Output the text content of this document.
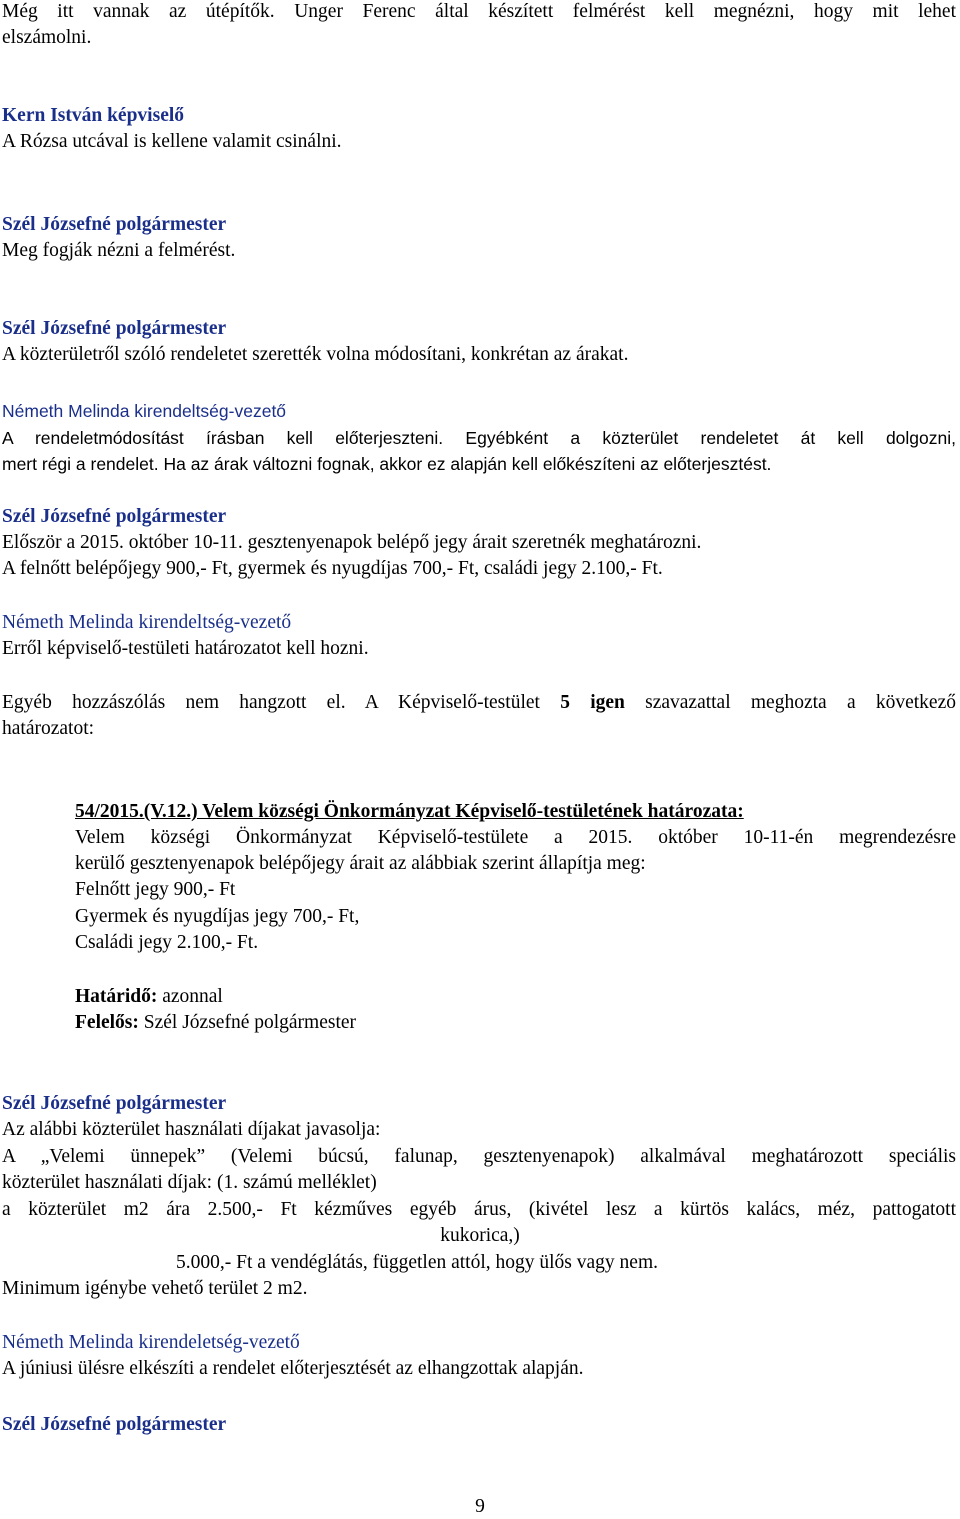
Még itt vannak az útépítők. Unger Ferenc által készített felmérést kell megnézni, hogy mit lehet
elszámolni.
Kern István képviselő
A Rózsa utcával is kellene valamit csinálni.
Szél Józsefné polgármester
Meg fogják nézni a felmérést.
Szél Józsefné polgármester
A közterületről szóló rendeletet szerették volna módosítani, konkrétan az árakat.
Németh Melinda kirendeltség-vezető
A rendeletmódosítást írásban kell előterjeszteni. Egyébként a közterület rendeletet át kell dolgozni,
mert régi a rendelet. Ha az árak változni fognak, akkor ez alapján kell előkészíteni az előterjesztést.
Szél Józsefné polgármester
Először a 2015. október 10-11. gesztenyenapok belépő jegy árait szeretnék meghatározni.
A felnőtt belépőjegy 900,- Ft, gyermek és nyugdíjas 700,- Ft, családi jegy 2.100,- Ft.
Németh Melinda kirendeltség-vezető
Erről képviselő-testületi határozatot kell hozni.
Egyéb hozzászólás nem hangzott el. A Képviselő-testület 5 igen szavazattal meghozta a következő
határozatot:
54/2015.(V.12.) Velem községi Önkormányzat Képviselő-testületének határozata:
Velem községi Önkormányzat Képviselő-testülete a 2015. október 10-11-én megrendezésre
kerülő gesztenyenapok belépőjegy árait az alábbiak szerint állapítja meg:
Felnőtt jegy 900,- Ft
Gyermek és nyugdíjas jegy 700,- Ft,
Családi jegy 2.100,- Ft.
Határidő: azonnal
Felelős: Szél Józsefné polgármester
Szél Józsefné polgármester
Az alábbi közterület használati díjakat javasolja:
A „Velemi ünnepek” (Velemi búcsú, falunap, gesztenyenapok) alkalmával meghatározott speciális
közterület használati díjak: (1. számú melléklet)
a közterület m2 ára 2.500,- Ft kézműves egyéb árus, (kivétel lesz a kürtös kalács, méz, pattogatott
kukorica,)
5.000,- Ft a vendéglátás, független attól, hogy ülős vagy nem.
Minimum igénybe vehető terület 2 m2.
Németh Melinda kirendeletség-vezető
A júniusi ülésre elkészíti a rendelet előterjesztését az elhangzottak alapján.
Szél Józsefné polgármester
9
